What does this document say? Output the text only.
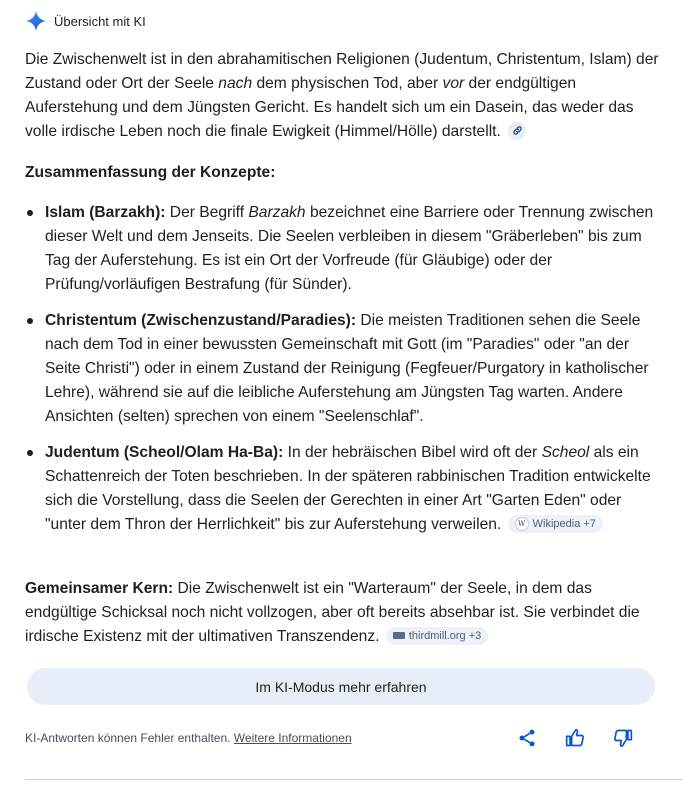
Übersicht mit KI

Die Zwischenwelt ist in den abrahamitischen Religionen (Judentum, Christentum, Islam) der Zustand oder Ort der Seele nach dem physischen Tod, aber vor der endgültigen Auferstehung und dem Jüngsten Gericht. Es handelt sich um ein Dasein, das weder das volle irdische Leben noch die finale Ewigkeit (Himmel/Hölle) darstellt.

Zusammenfassung der Konzepte:
Islam (Barzakh): Der Begriff Barzakh bezeichnet eine Barriere oder Trennung zwischen dieser Welt und dem Jenseits. Die Seelen verbleiben in diesem "Gräberleben" bis zum Tag der Auferstehung. Es ist ein Ort der Vorfreude (für Gläubige) oder der Prüfung/vorläufigen Bestrafung (für Sünder).
Christentum (Zwischenzustand/Paradies): Die meisten Traditionen sehen die Seele nach dem Tod in einer bewussten Gemeinschaft mit Gott (im "Paradies" oder "an der Seite Christi") oder in einem Zustand der Reinigung (Fegfeuer/Purgatory in katholischer Lehre), während sie auf die leibliche Auferstehung am Jüngsten Tag warten. Andere Ansichten (selten) sprechen von einem "Seelenschlaf".
Judentum (Scheol/Olam Ha-Ba): In der hebräischen Bibel wird oft der Scheol als ein Schattenreich der Toten beschrieben. In der späteren rabbinischen Tradition entwickelte sich die Vorstellung, dass die Seelen der Gerechten in einer Art "Garten Eden" oder "unter dem Thron der Herrlichkeit" bis zur Auferstehung verweilen.	W Wikipedia +7

Gemeinsamer Kern: Die Zwischenwelt ist ein "Warteraum" der Seele, in dem das endgültige Schicksal noch nicht vollzogen, aber oft bereits absehbar ist. Sie verbindet die irdische Existenz mit der ultimativen Transzendenz.	thirdmill.org +3

Im KI-Modus mehr erfahren
KI-Antworten können Fehler enthalten. Weitere Informationen
